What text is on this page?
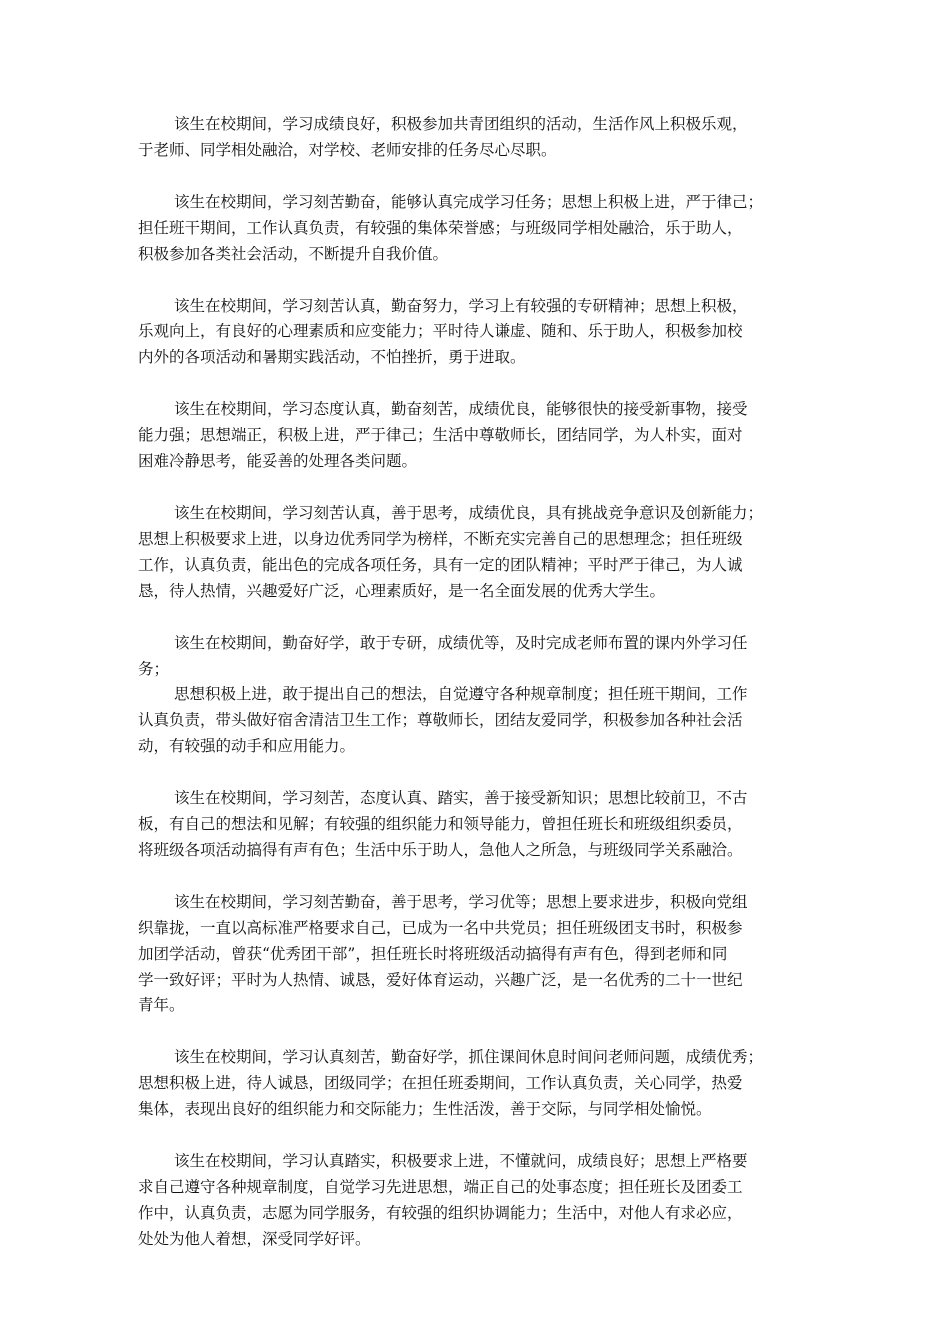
该生在校期间，学习成绩良好，积极参加共青团组织的活动，生活作风上积极乐观，
于老师、同学相处融洽，对学校、老师安排的任务尽心尽职。
该生在校期间，学习刻苦勤奋，能够认真完成学习任务；思想上积极上进，严于律己；
担任班干期间，工作认真负责，有较强的集体荣誉感；与班级同学相处融洽，乐于助人，
积极参加各类社会活动，不断提升自我价值。
该生在校期间，学习刻苦认真，勤奋努力，学习上有较强的专研精神；思想上积极，
乐观向上，有良好的心理素质和应变能力；平时待人谦虚、随和、乐于助人，积极参加校
内外的各项活动和暑期实践活动，不怕挫折，勇于进取。
该生在校期间，学习态度认真，勤奋刻苦，成绩优良，能够很快的接受新事物，接受
能力强；思想端正，积极上进，严于律己；生活中尊敬师长，团结同学，为人朴实，面对
困难冷静思考，能妥善的处理各类问题。
该生在校期间，学习刻苦认真，善于思考，成绩优良，具有挑战竞争意识及创新能力；
思想上积极要求上进，以身边优秀同学为榜样，不断充实完善自己的思想理念；担任班级
工作，认真负责，能出色的完成各项任务，具有一定的团队精神；平时严于律己，为人诚
恳，待人热情，兴趣爱好广泛，心理素质好，是一名全面发展的优秀大学生。
该生在校期间，勤奋好学，敢于专研，成绩优等，及时完成老师布置的课内外学习任
务；
思想积极上进，敢于提出自己的想法，自觉遵守各种规章制度；担任班干期间，工作
认真负责，带头做好宿舍清洁卫生工作；尊敬师长，团结友爱同学，积极参加各种社会活
动，有较强的动手和应用能力。
该生在校期间，学习刻苦，态度认真、踏实，善于接受新知识；思想比较前卫，不古
板，有自己的想法和见解；有较强的组织能力和领导能力，曾担任班长和班级组织委员，
将班级各项活动搞得有声有色；生活中乐于助人，急他人之所急，与班级同学关系融洽。
该生在校期间，学习刻苦勤奋，善于思考，学习优等；思想上要求进步，积极向党组
织靠拢，一直以高标准严格要求自己，已成为一名中共党员；担任班级团支书时，积极参
加团学活动，曾获“优秀团干部”，担任班长时将班级活动搞得有声有色，得到老师和同
学一致好评；平时为人热情、诚恳，爱好体育运动，兴趣广泛，是一名优秀的二十一世纪
青年。
该生在校期间，学习认真刻苦，勤奋好学，抓住课间休息时间问老师问题，成绩优秀；
思想积极上进，待人诚恳，团级同学；在担任班委期间，工作认真负责，关心同学，热爱
集体，表现出良好的组织能力和交际能力；生性活泼，善于交际，与同学相处愉悦。
该生在校期间，学习认真踏实，积极要求上进，不懂就问，成绩良好；思想上严格要
求自己遵守各种规章制度，自觉学习先进思想，端正自己的处事态度；担任班长及团委工
作中，认真负责，志愿为同学服务，有较强的组织协调能力；生活中，对他人有求必应，
处处为他人着想，深受同学好评。
